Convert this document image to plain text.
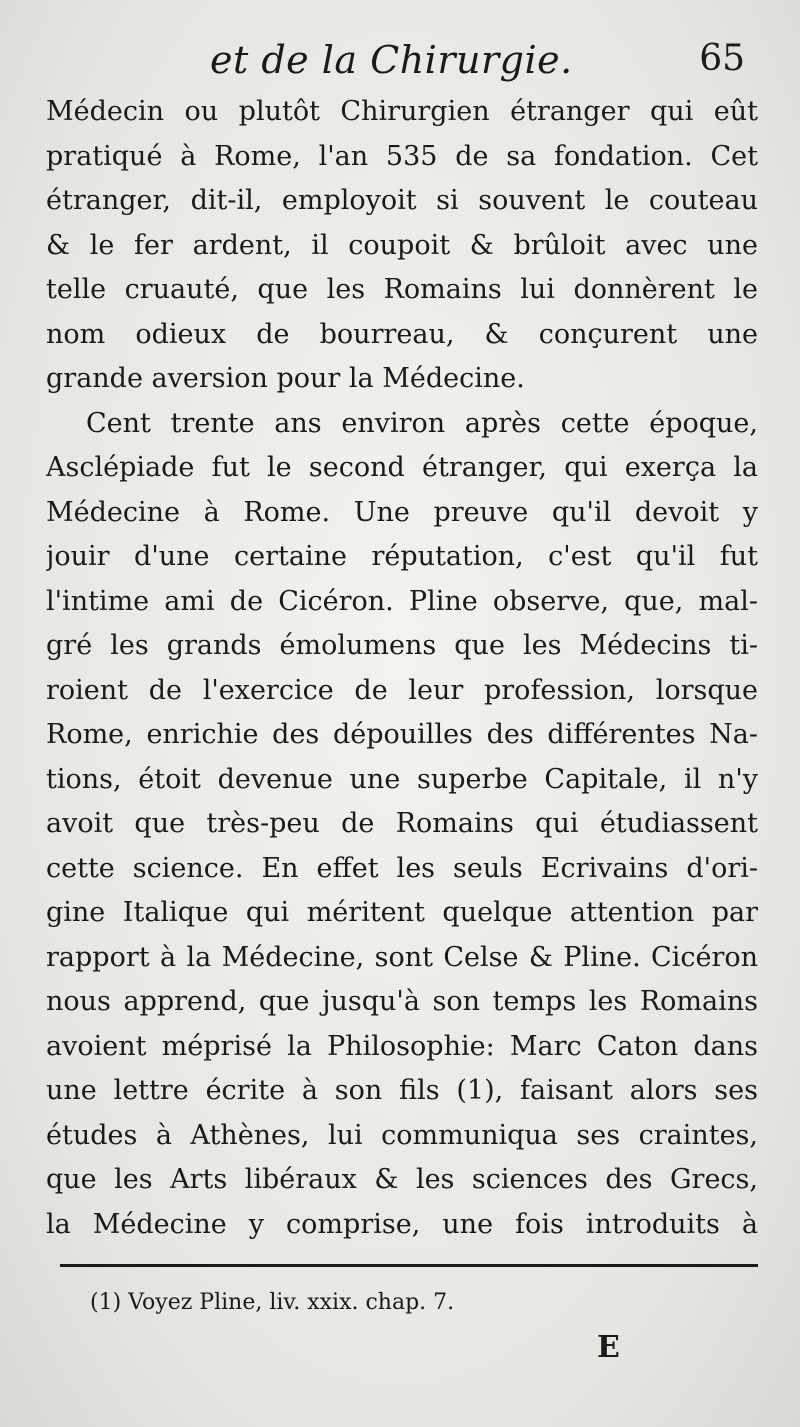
et de la Chirurgie.	65
Médecin ou plutôt Chirurgien étranger qui eût
pratiqué à Rome, l'an 535 de sa fondation. Cet
étranger, dit-il, employoit si souvent le couteau
& le fer ardent, il coupoit & brûloit avec une
telle cruauté, que les Romains lui donnèrent le
nom odieux de bourreau, & conçurent une
grande aversion pour la Médecine.
Cent trente ans environ après cette époque,
Asclépiade fut le second étranger, qui exerça la
Médecine à Rome. Une preuve qu'il devoit y
jouir d'une certaine réputation, c'est qu'il fut
l'intime ami de Cicéron. Pline observe, que, mal-
gré les grands émolumens que les Médecins ti-
roient de l'exercice de leur profession, lorsque
Rome, enrichie des dépouilles des différentes Na-
tions, étoit devenue une superbe Capitale, il n'y
avoit que très-peu de Romains qui étudiassent
cette science. En effet les seuls Ecrivains d'ori-
gine Italique qui méritent quelque attention par
rapport à la Médecine, sont Celse & Pline. Cicéron
nous apprend, que jusqu'à son temps les Romains
avoient méprisé la Philosophie: Marc Caton dans
une lettre écrite à son fils (1), faisant alors ses
études à Athènes, lui communiqua ses craintes,
que les Arts libéraux & les sciences des Grecs,
la Médecine y comprise, une fois introduits à
(1) Voyez Pline, liv. xxix. chap. 7.
E
